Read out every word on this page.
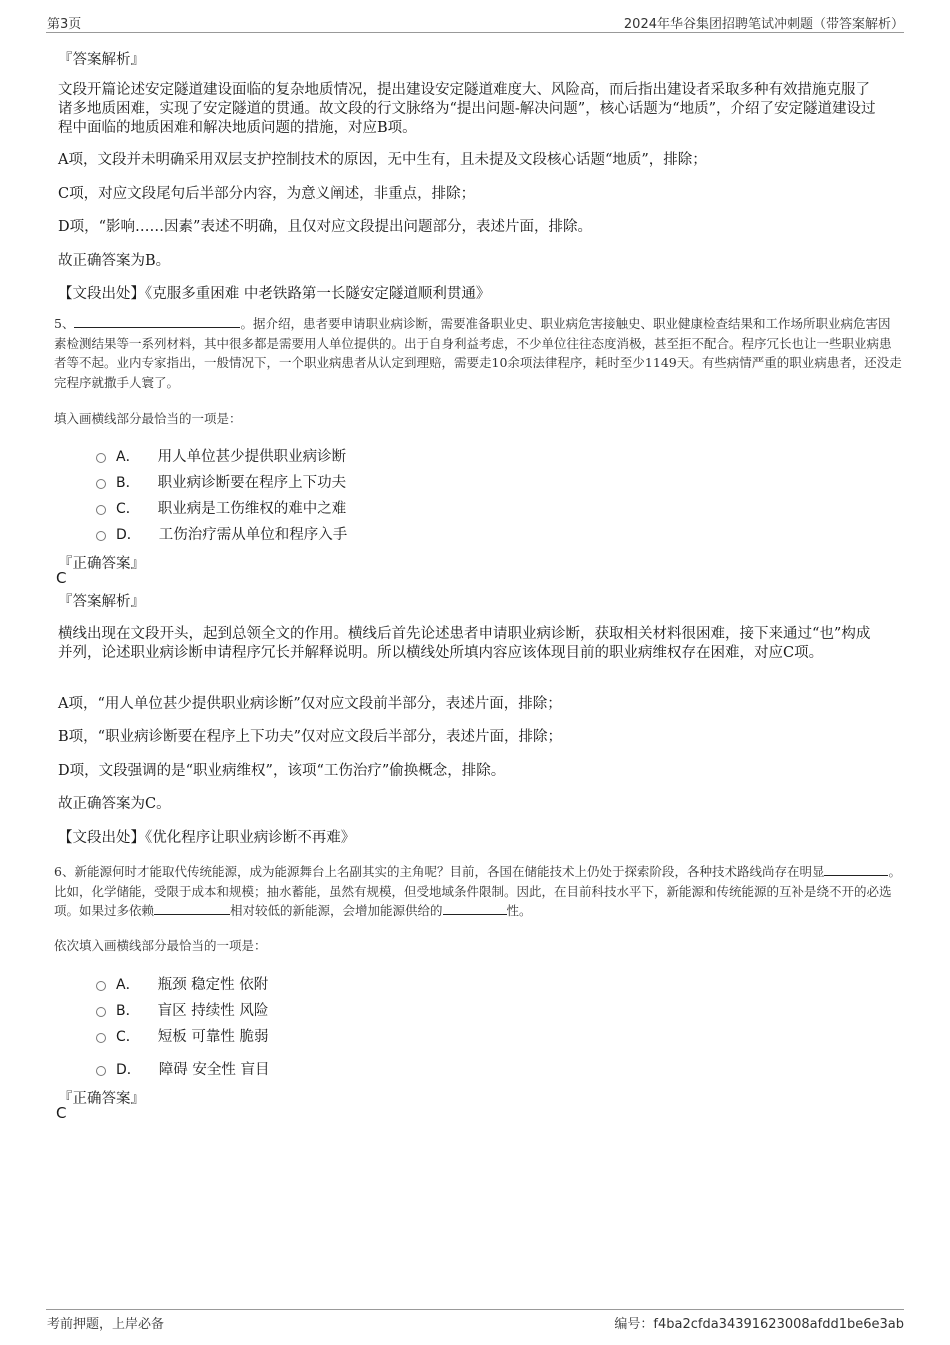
第3页	2024年华谷集团招聘笔试冲刺题（带答案解析）
『答案解析』
文段开篇论述安定隧道建设面临的复杂地质情况，提出建设安定隧道难度大、风险高，而后指出建设者采取多种有效措施克服了诸多地质困难，实现了安定隧道的贯通。故文段的行文脉络为“提出问题-解决问题”，核心话题为“地质”，介绍了安定隧道建设过程中面临的地质困难和解决地质问题的措施，对应B项。
A项，文段并未明确采用双层支护控制技术的原因，无中生有，且未提及文段核心话题“地质”，排除；
C项，对应文段尾句后半部分内容，为意义阐述，非重点，排除；
D项，“影响……因素”表述不明确，且仅对应文段提出问题部分，表述片面，排除。
故正确答案为B。
【文段出处】《克服多重困难 中老铁路第一长隧安定隧道顺利贯通》
5、	。据介绍，患者要申请职业病诊断，需要准备职业史、职业病危害接触史、职业健康检查结果和工作场所职业病危害因素检测结果等一系列材料，其中很多都是需要用人单位提供的。出于自身利益考虑，不少单位往往态度消极，甚至拒不配合。程序冗长也让一些职业病患者等不起。业内专家指出，一般情况下，一个职业病患者从认定到理赔，需要走10余项法律程序，耗时至少1149天。有些病情严重的职业病患者，还没走完程序就撒手人寰了。
填入画横线部分最恰当的一项是：
A． 用人单位甚少提供职业病诊断
B． 职业病诊断要在程序上下功夫
C． 职业病是工伤维权的难中之难
D． 工伤治疗需从单位和程序入手
『正确答案』
C
『答案解析』
横线出现在文段开头，起到总领全文的作用。横线后首先论述患者申请职业病诊断，获取相关材料很困难，接下来通过“也”构成并列，论述职业病诊断申请程序冗长并解释说明。所以横线处所填内容应该体现目前的职业病维权存在困难，对应C项。
A项，“用人单位甚少提供职业病诊断”仅对应文段前半部分，表述片面，排除；
B项，“职业病诊断要在程序上下功夫”仅对应文段后半部分，表述片面，排除；
D项，文段强调的是“职业病维权”，该项“工伤治疗”偷换概念，排除。
故正确答案为C。
【文段出处】《优化程序让职业病诊断不再难》
6、新能源何时才能取代传统能源，成为能源舞台上名副其实的主角呢？目前，各国在储能技术上仍处于探索阶段，各种技术路线尚存在明显	。比如，化学储能，受限于成本和规模；抽水蓄能，虽然有规模，但受地域条件限制。因此，在目前科技水平下，新能源和传统能源的互补是绕不开的必选项。如果过多依赖	相对较低的新能源，会增加能源供给的	性。
依次填入画横线部分最恰当的一项是：
A． 瓶颈 稳定性 依附
B． 盲区 持续性 风险
C． 短板 可靠性 脆弱
D． 障碍 安全性 盲目
『正确答案』
C
考前押题，上岸必备	编号：f4ba2cfda34391623008afdd1be6e3ab
